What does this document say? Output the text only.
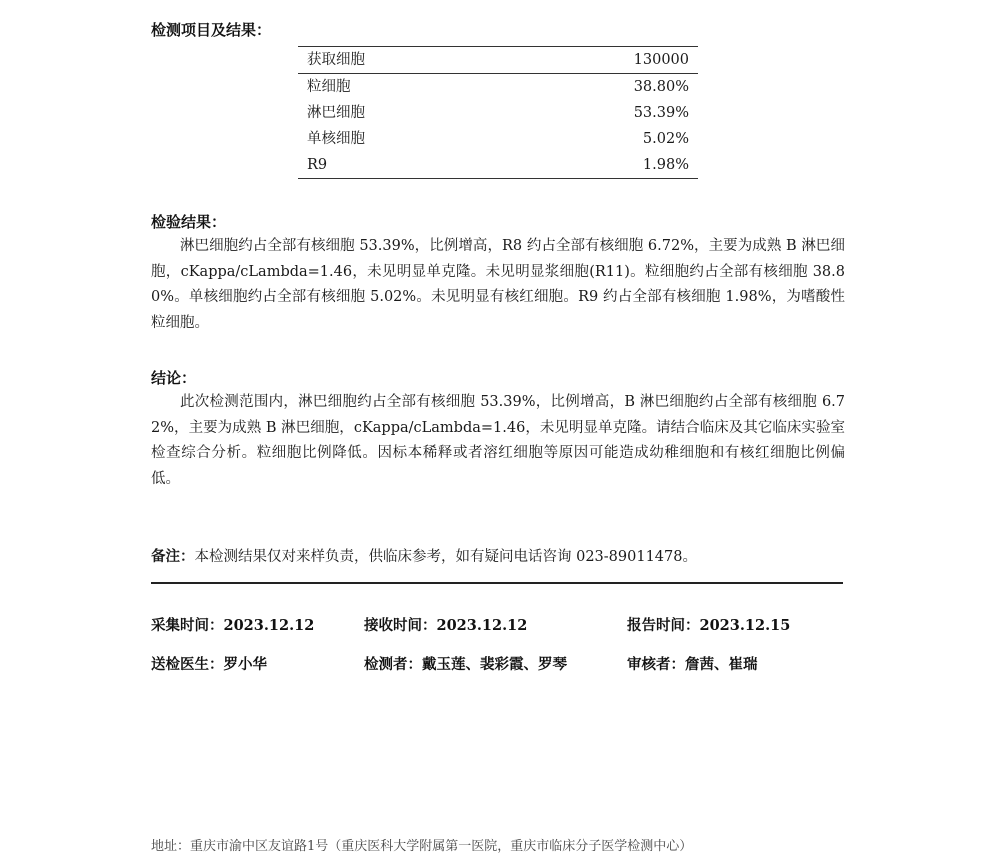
检测项目及结果：
获取细胞	130000
粒细胞	38.80%
淋巴细胞	53.39%
单核细胞	5.02%
R9	1.98%
检验结果：
淋巴细胞约占全部有核细胞 53.39%，比例增高，R8 约占全部有核细胞 6.72%，主要为成熟 B 淋巴细胞，cKappa/cLambda=1.46，未见明显单克隆。未见明显浆细胞(R11)。粒细胞约占全部有核细胞 38.80%。单核细胞约占全部有核细胞 5.02%。未见明显有核红细胞。R9 约占全部有核细胞 1.98%，为嗜酸性粒细胞。
结论：
此次检测范围内，淋巴细胞约占全部有核细胞 53.39%，比例增高，B 淋巴细胞约占全部有核细胞 6.72%，主要为成熟 B 淋巴细胞，cKappa/cLambda=1.46，未见明显单克隆。请结合临床及其它临床实验室检查综合分析。粒细胞比例降低。因标本稀释或者溶红细胞等原因可能造成幼稚细胞和有核红细胞比例偏低。
备注：本检测结果仅对来样负责，供临床参考，如有疑问电话咨询 023-89011478。
采集时间：2023.12.12	接收时间：2023.12.12	报告时间：2023.12.15
送检医生：罗小华	检测者：戴玉莲、裴彩霞、罗琴	审核者：詹茜、崔瑞
地址：重庆市渝中区友谊路1号（重庆医科大学附属第一医院，重庆市临床分子医学检测中心）
